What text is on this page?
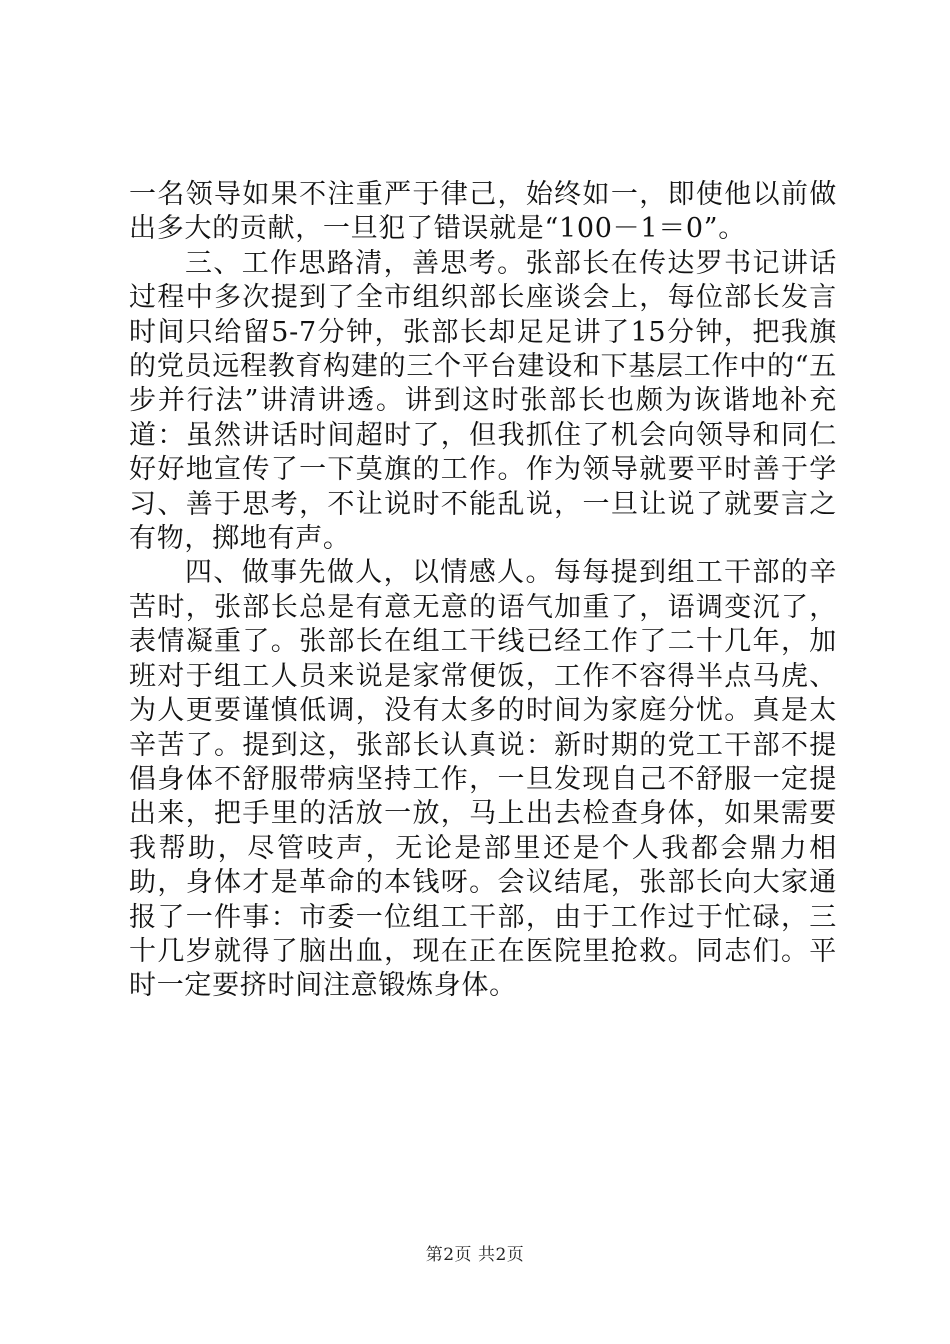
一名领导如果不注重严于律己，始终如一，即使他以前做出多大的贡献，一旦犯了错误就是“100－1＝0”。

三、工作思路清，善思考。张部长在传达罗书记讲话过程中多次提到了全市组织部长座谈会上，每位部长发言时间只给留5-7分钟，张部长却足足讲了15分钟，把我旗的党员远程教育构建的三个平台建设和下基层工作中的“五步并行法”讲清讲透。讲到这时张部长也颇为诙谐地补充道：虽然讲话时间超时了，但我抓住了机会向领导和同仁好好地宣传了一下莫旗的工作。作为领导就要平时善于学习、善于思考，不让说时不能乱说，一旦让说了就要言之有物，掷地有声。

四、做事先做人，以情感人。每每提到组工干部的辛苦时，张部长总是有意无意的语气加重了，语调变沉了，表情凝重了。张部长在组工干线已经工作了二十几年，加班对于组工人员来说是家常便饭，工作不容得半点马虎、为人更要谨慎低调，没有太多的时间为家庭分忧。真是太辛苦了。提到这，张部长认真说：新时期的党工干部不提倡身体不舒服带病坚持工作，一旦发现自己不舒服一定提出来，把手里的活放一放，马上出去检查身体，如果需要我帮助，尽管吱声，无论是部里还是个人我都会鼎力相助，身体才是革命的本钱呀。会议结尾，张部长向大家通报了一件事：市委一位组工干部，由于工作过于忙碌，三十几岁就得了脑出血，现在正在医院里抢救。同志们。平时一定要挤时间注意锻炼身体。

第2页 共2页
